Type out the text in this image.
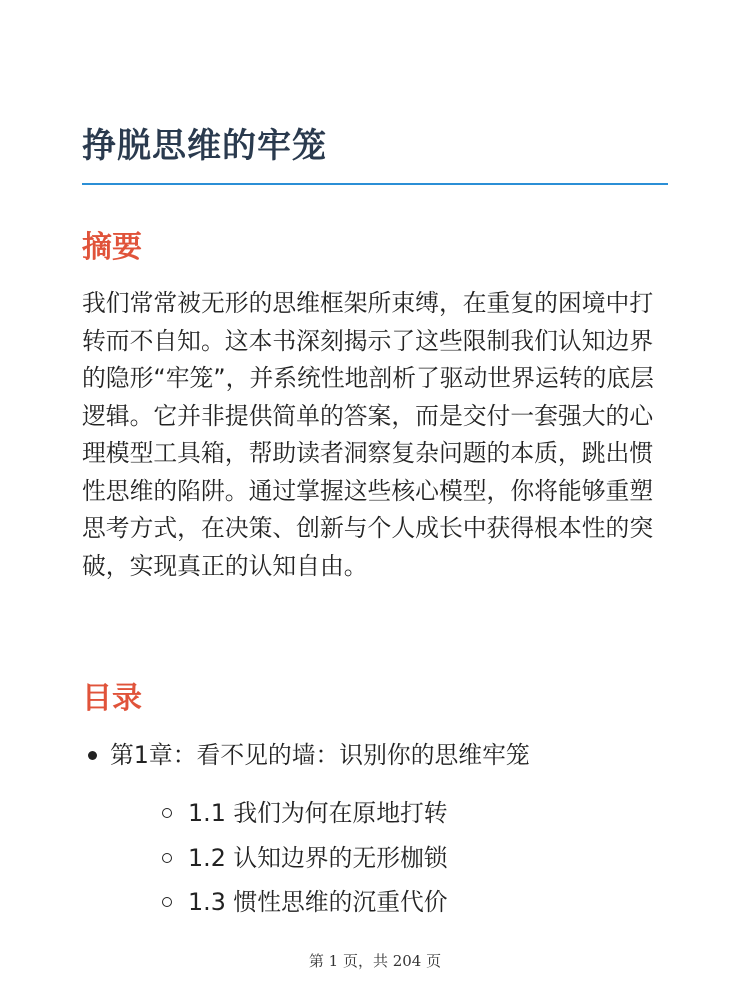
挣脱思维的牢笼
摘要

我们常常被无形的思维框架所束缚，在重复的困境中打转而不自知。这本书深刻揭示了这些限制我们认知边界的隐形“牢笼”，并系统性地剖析了驱动世界运转的底层逻辑。它并非提供简单的答案，而是交付一套强大的心理模型工具箱，帮助读者洞察复杂问题的本质，跳出惯性思维的陷阱。通过掌握这些核心模型，你将能够重塑思考方式，在决策、创新与个人成长中获得根本性的突破，实现真正的认知自由。

目录
第1章：看不见的墙：识别你的思维牢笼
1.1 我们为何在原地打转
1.2 认知边界的无形枷锁
1.3 惯性思维的沉重代价
第 1 页，共 204 页
